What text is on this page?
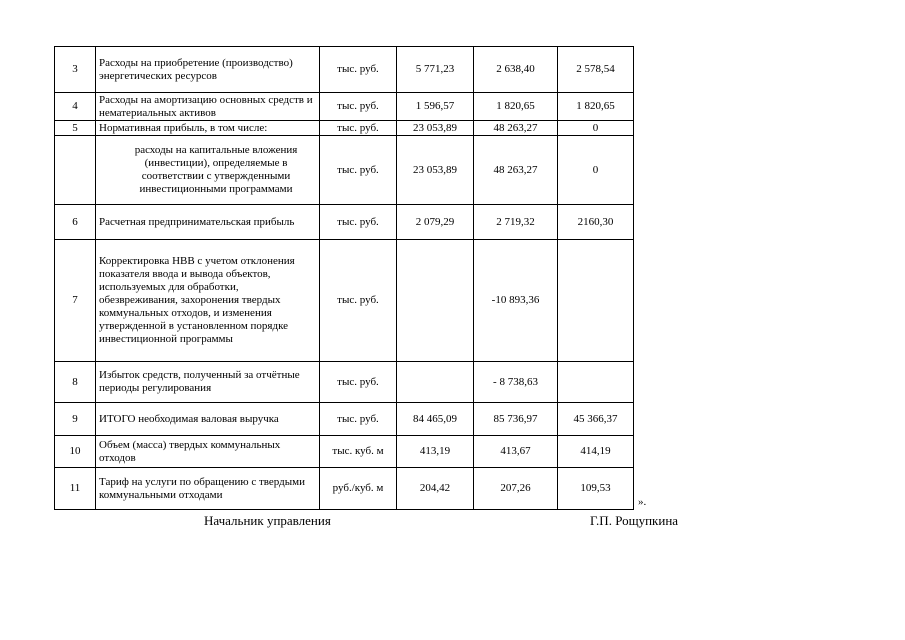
3	Расходы на приобретение (производство) энергетических ресурсов	тыс. руб.	5 771,23	2 638,40	2 578,54
4	Расходы на амортизацию основных средств и нематериальных активов	тыс. руб.	1 596,57	1 820,65	1 820,65
5	Нормативная прибыль, в том числе:	тыс. руб.	23 053,89	48 263,27	0
	расходы на капитальные вложения (инвестиции), определяемые в соответствии с утвержденными инвестиционными программами	тыс. руб.	23 053,89	48 263,27	0
6	Расчетная предпринимательская прибыль	тыс. руб.	2 079,29	2 719,32	2160,30
7	Корректировка НВВ с учетом отклонения показателя ввода и вывода объектов, используемых для обработки, обезвреживания, захоронения твердых коммунальных отходов, и изменения утвержденной в установленном порядке инвестиционной программы	тыс. руб.		-10 893,36	
8	Избыток средств, полученный за отчётные периоды регулирования	тыс. руб.		- 8 738,63	
9	ИТОГО необходимая валовая выручка	тыс. руб.	84 465,09	85 736,97	45 366,37
10	Объем (масса) твердых коммунальных отходов	тыс. куб. м	413,19	413,67	414,19
11	Тариф на услуги по обращению с твердыми коммунальными отходами	руб./куб. м	204,42	207,26	109,53
».
Начальник управления	Г.П. Рощупкина
